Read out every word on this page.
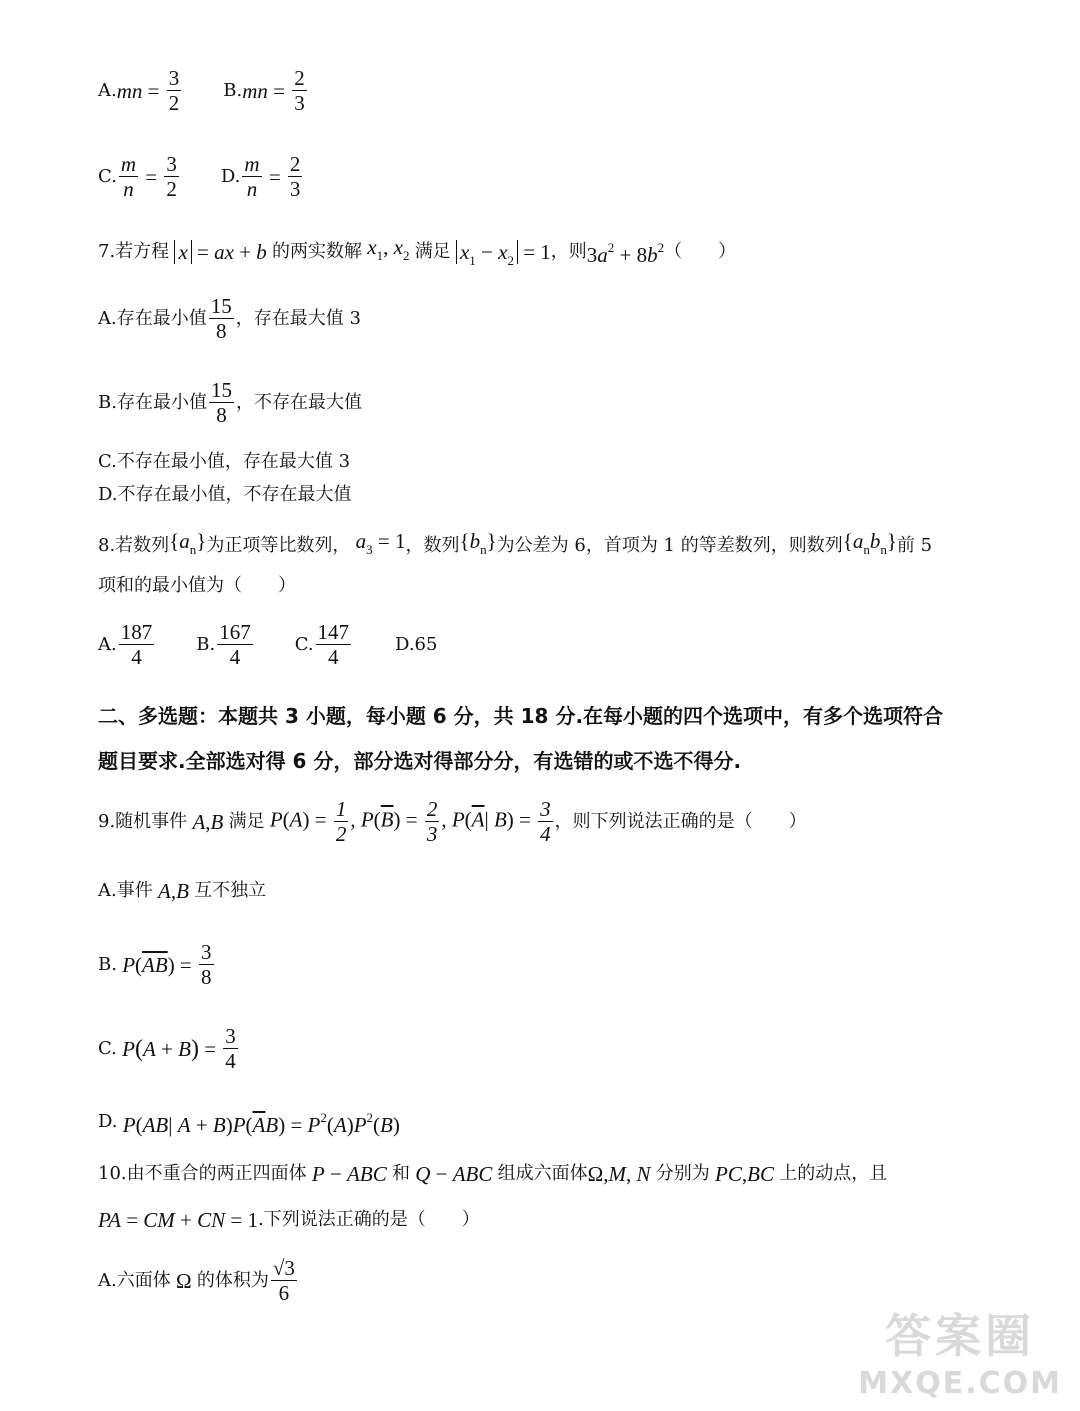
A. mn = $\frac{3}{2} B$. mn = $\frac{2}{3}$
C. $\frac{m}{n} = \frac{3}{2} D$. $\frac{m}{n} = \frac{2}{3}$
7.若方程 x = ax + b 的两实数解 $x_1$, $x_2$ 满足 $x_1 - x_2 = 1$ ，则 $3a^2 + 8b^2$ （　　）
A.存在最小值 $\frac{15}{8}$ ，存在最大值 3
B.存在最小值 $\frac{15}{8}$ ，不存在最大值
C.不存在最小值，存在最大值 3
D.不存在最小值，不存在最大值
8.若数列 $\{a_n\}$ 为正项等比数列， $a_3 = 1$ ，数列 $\{b_n\}$ 为公差为 6，首项为 1 的等差数列，则数列 $\{a_nb_n\}$ 前 5
项和的最小值为（　　）
A. $\frac{187}{4} B$. $\frac{167}{4} C$. $\frac{147}{4} D.65$
二、多选题：本题共 3 小题，每小题 6 分，共 18 分.在每小题的四个选项中，有多个选项符合
题目要求.全部选对得 6 分，部分选对得部分分，有选错的或不选不得分.
9.随机事件 A,B 满足 $P(A) = \frac{1}{2}$ , $P(\overline{B}) = \frac{2}{3}$ , $P(\overline{A}|$ $B) = \frac{3}{4}$ ，则下列说法正确的是（　　）
A.事件 A,B 互不独立
B. $P(\overline{AB}) = \frac{3}{8}$
C. $P(A + B) = \frac{3}{4}$
D. P(AB| $A + B)P(\overline{A}B) = P^2(A)P^2(B)$
10.由不重合的两正四面体 P − ABC 和 Q − ABC 组成六面体 Ω,M, N 分别为 PC,BC 上的动点，且
PA = CM + CN = 1 .下列说法正确的是（　　）
A.六面体 Ω 的体积为 $\frac{√3}{6}$
答案圈
MXQE.COM
